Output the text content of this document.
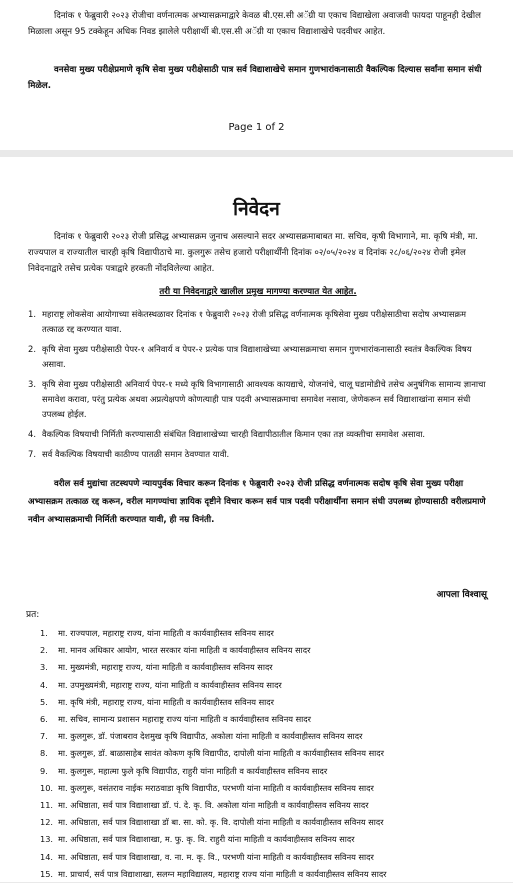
दिनांक १ फेब्रुवारी २०२३ रोजीचा वर्णनात्मक अभ्यासक्रमाद्वारे केवळ बी.एस.सी अॅग्री या एकाच विद्याखेला अवाजवी फायदा पाहूनही देखील मिळाला असून 95 टक्केहून अधिक निवड झालेले परीक्षार्थी बी.एस.सी अॅग्री या एकाच विद्याशाखेचे पदवीधर आहेत.

वनसेवा मुख्य परीक्षेप्रमाणे कृषि सेवा मुख्य परीक्षेसाठी पात्र सर्व विद्याशाखेचे समान गुणभारांकनासाठी वैकल्पिक दिल्यास सर्वांना समान संधी मिळेल.

Page 1 of 2
निवेदन

दिनांक १ फेब्रुवारी २०२३ रोजी प्रसिद्ध अभ्यासक्रम जुनाच असल्याने सदर अभ्यासक्रमाबाबत मा. सचिव, कृषी विभागाने, मा. कृषि मंत्री, मा. राज्यपाल व राज्यातील चारही कृषि विद्यापीठाचे मा. कुलगुरू तसेच हजारो परीक्षार्थींनी दिनांक ०२/०५/२०२४ व दिनांक २८/०६/२०२४ रोजी इमेल निवेदनाद्वारे तसेच प्रत्येक पत्राद्वारे हरकती नोंदविलेल्या आहेत.

तरी या निवेदनाद्वारे खालील प्रमुख मागण्या करण्यात येत आहेत.
1. महाराष्ट्र लोकसेवा आयोगाच्या संकेतस्थळावर दिनांक १ फेब्रुवारी २०२३ रोजी प्रसिद्ध वर्णनात्मक कृषिसेवा मुख्य परीक्षेसाठीचा सदोष अभ्यासक्रम तत्काळ रद्द करण्यात यावा.
2. कृषि सेवा मुख्य परीक्षेसाठी पेपर-१ अनिवार्य व पेपर-२ प्रत्येक पात्र विद्याशाखेच्या अभ्यासक्रमाचा समान गुणभारांकनासाठी स्वतंत्र वैकल्पिक विषय असावा.
3. कृषि सेवा मुख्य परीक्षेसाठी अनिवार्य पेपर-१ मध्ये कृषि विभागासाठी आवश्यक कायद्याचे, योजनांचे, चालू घडामोडीचे तसेच अनुषंगिक सामान्य ज्ञानाचा समावेश करावा, परंतु प्रत्येक अथवा अप्रत्येक्षपणे कोणत्याही पात्र पदवी अभ्यासक्रमाचा समावेश नसावा, जेणेकरून सर्व विद्याशाखांना समान संधी उपलब्ध होईल.
4. वैकल्पिक विषयाची निर्मिती करण्यासाठी संबंधित विद्याशाखेच्या चारही विद्यापीठातील किमान एका तज्ञ व्यक्तीचा समावेश असावा.
7. सर्व वैकल्पिक विषयाची काठीण्य पातळी समान ठेवण्यात यावी.

वरील सर्व मुद्यांचा तटस्थपणे न्यायपुर्वक विचार करून दिनांक १ फेब्रुवारी २०२३ रोजी प्रसिद्ध वर्णनात्मक सदोष कृषि सेवा मुख्य परीक्षा अभ्यासक्रम तत्काळ रद्द करून, वरील मागण्यांचा ज्ञायिक दृष्टीने विचार करून सर्व पात्र पदवी परीक्षार्थींना समान संधी उपलब्ध होण्यासाठी वरीलप्रमाणे नवीन अभ्यासक्रमाची निर्मिती करण्यात यावी, ही नम्र विनंती.

आपला विश्वासू
प्रत:
1. मा. राज्यपाल, महाराष्ट्र राज्य, यांना माहिती व कार्यवाहीस्तव सविनय सादर
2. मा. मानव अधिकार आयोग, भारत सरकार यांना माहिती व कार्यवाहीस्तव सविनय सादर
3. मा. मुख्यमंत्री, महाराष्ट्र राज्य, यांना माहिती व कार्यवाहीस्तव सविनय सादर
4. मा. उपमुख्यमंत्री, महाराष्ट्र राज्य, यांना माहिती व कार्यवाहीस्तव सविनय सादर
5. मा. कृषि मंत्री, महाराष्ट्र राज्य, यांना माहिती व कार्यवाहीस्तव सविनय सादर
6. मा. सचिव, सामान्य प्रशासन महाराष्ट्र राज्य यांना माहिती व कार्यवाहीस्तव सविनय सादर
7. मा. कुलगुरू, डॉ. पंजाबराव देशमुख कृषि विद्यापीठ, अकोला यांना माहिती व कार्यवाहीस्तव सविनय सादर
8. मा. कुलगुरू, डॉ. बाळासाहेब सावंत कोकण कृषि विद्यापीठ, दापोली यांना माहिती व कार्यवाहीस्तव सविनय सादर
9. मा. कुलगुरू, महात्मा फुले कृषि विद्यापीठ, राहुरी यांना माहिती व कार्यवाहीस्तव सविनय सादर
10. मा. कुलगुरू, वसंतराव नाईक मराठवाडा कृषि विद्यापीठ, परभणी यांना माहिती व कार्यवाहीस्तव सविनय सादर
11. मा. अधिष्ठाता, सर्व पात्र विद्याशाखा डॉ. पं. दे. कृ. वि. अकोला यांना माहिती व कार्यवाहीस्तव सविनय सादर
12. मा. अधिष्ठाता, सर्व पात्र विद्याशाखा डॉ बा. सा. को. कृ. वि. दापोली यांना माहिती व कार्यवाहीस्तव सविनय सादर
13. मा. अधिष्ठाता, सर्व पात्र विद्याशाखा, म. फु. कृ. वि. राहुरी यांना माहिती व कार्यवाहीस्तव सविनय सादर
14. मा. अधिष्ठाता, सर्व पात्र विद्याशाखा, व. ना. म. कृ. वि., परभणी यांना माहिती व कार्यवाहीस्तव सविनय सादर
15. मा. प्राचार्य, सर्व पात्र विद्याशाखा, सलग्न महाविद्यालय, महाराष्ट्र राज्य यांना माहिती व कार्यवाहीस्तव सविनय सादर
